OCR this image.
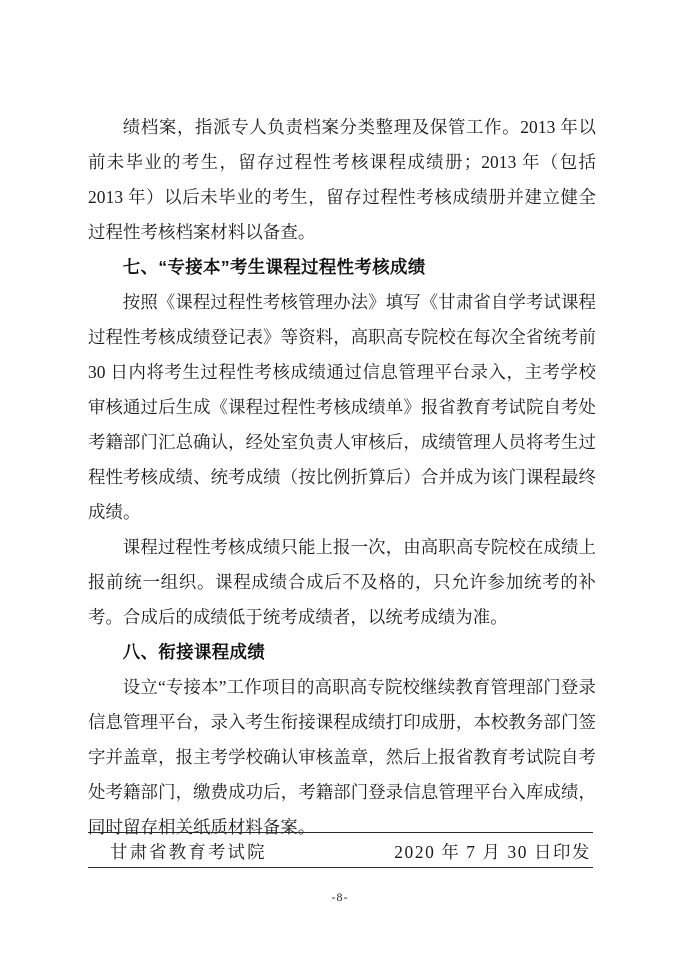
绩档案，指派专人负责档案分类整理及保管工作。2013 年以前未毕业的考生，留存过程性考核课程成绩册；2013 年（包括 2013 年）以后未毕业的考生，留存过程性考核成绩册并建立健全过程性考核档案材料以备查。

七、“专接本”考生课程过程性考核成绩

按照《课程过程性考核管理办法》填写《甘肃省自学考试课程过程性考核成绩登记表》等资料，高职高专院校在每次全省统考前 30 日内将考生过程性考核成绩通过信息管理平台录入，主考学校审核通过后生成《课程过程性考核成绩单》报省教育考试院自考处考籍部门汇总确认，经处室负责人审核后，成绩管理人员将考生过程性考核成绩、统考成绩（按比例折算后）合并成为该门课程最终成绩。

课程过程性考核成绩只能上报一次，由高职高专院校在成绩上报前统一组织。课程成绩合成后不及格的，只允许参加统考的补考。合成后的成绩低于统考成绩者，以统考成绩为准。

八、衔接课程成绩

设立“专接本”工作项目的高职高专院校继续教育管理部门登录信息管理平台，录入考生衔接课程成绩打印成册，本校教务部门签字并盖章，报主考学校确认审核盖章，然后上报省教育考试院自考处考籍部门，缴费成功后，考籍部门登录信息管理平台入库成绩，同时留存相关纸质材料备案。

甘肃省教育考试院	2020 年 7 月 30 日印发
-8-
